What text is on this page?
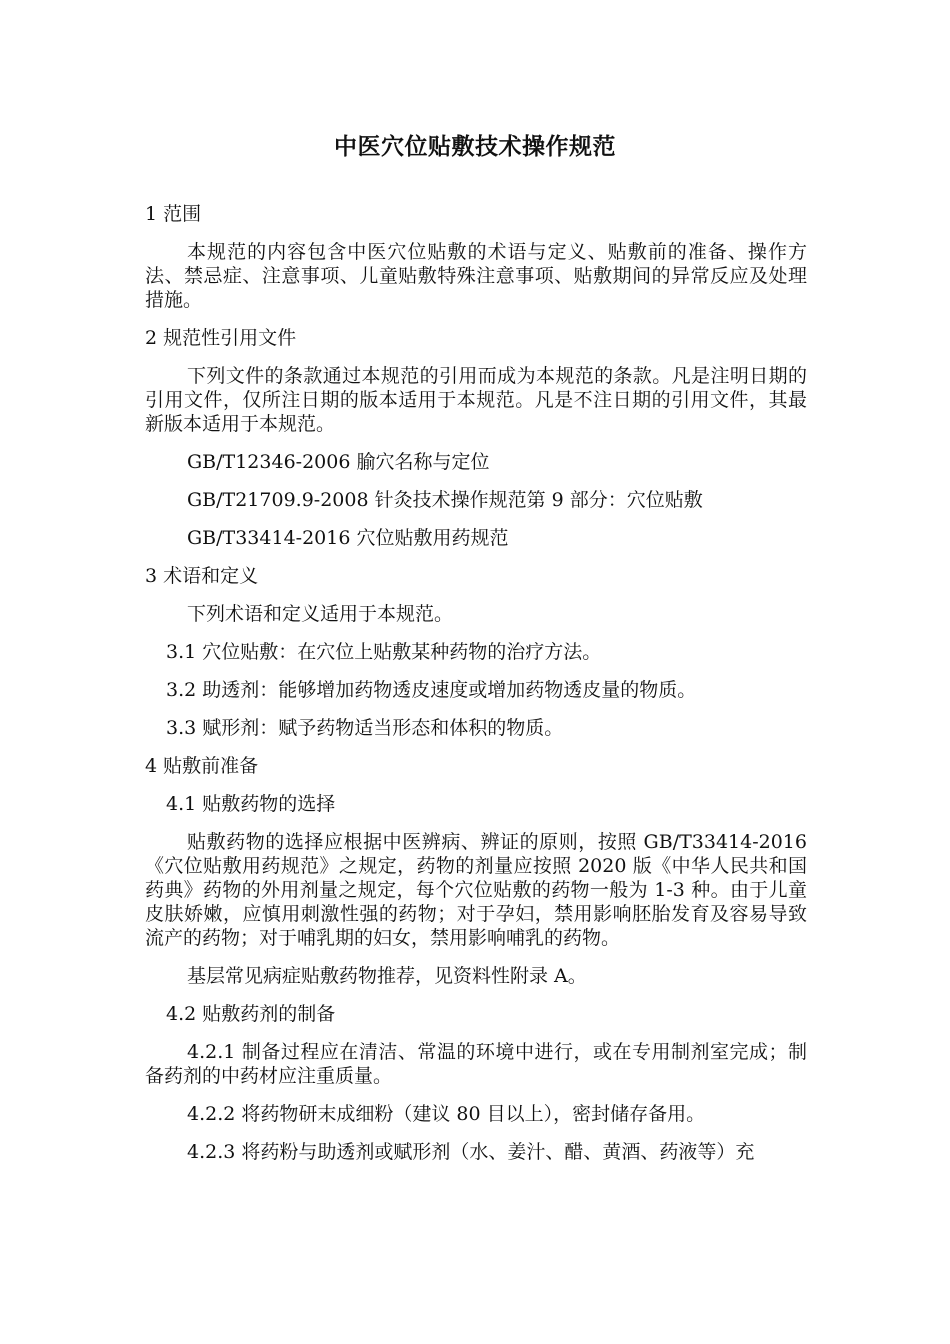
中医穴位贴敷技术操作规范
1 范围
本规范的内容包含中医穴位贴敷的术语与定义、贴敷前的准备、操作方法、禁忌症、注意事项、儿童贴敷特殊注意事项、贴敷期间的异常反应及处理措施。
2 规范性引用文件
下列文件的条款通过本规范的引用而成为本规范的条款。凡是注明日期的引用文件，仅所注日期的版本适用于本规范。凡是不注日期的引用文件，其最新版本适用于本规范。
GB/T12346-2006 腧穴名称与定位
GB/T21709.9-2008 针灸技术操作规范第 9 部分：穴位贴敷
GB/T33414-2016 穴位贴敷用药规范
3 术语和定义
下列术语和定义适用于本规范。
3.1 穴位贴敷：在穴位上贴敷某种药物的治疗方法。
3.2 助透剂：能够增加药物透皮速度或增加药物透皮量的物质。
3.3 赋形剂：赋予药物适当形态和体积的物质。
4 贴敷前准备
4.1 贴敷药物的选择
贴敷药物的选择应根据中医辨病、辨证的原则，按照 GB/T33414-2016《穴位贴敷用药规范》之规定，药物的剂量应按照 2020 版《中华人民共和国药典》药物的外用剂量之规定，每个穴位贴敷的药物一般为 1-3 种。由于儿童皮肤娇嫩，应慎用刺激性强的药物；对于孕妇，禁用影响胚胎发育及容易导致流产的药物；对于哺乳期的妇女，禁用影响哺乳的药物。
基层常见病症贴敷药物推荐，见资料性附录 A。
4.2 贴敷药剂的制备
4.2.1 制备过程应在清洁、常温的环境中进行，或在专用制剂室完成；制备药剂的中药材应注重质量。
4.2.2 将药物研末成细粉（建议 80 目以上），密封储存备用。
4.2.3 将药粉与助透剂或赋形剂（水、姜汁、醋、黄酒、药液等）充
